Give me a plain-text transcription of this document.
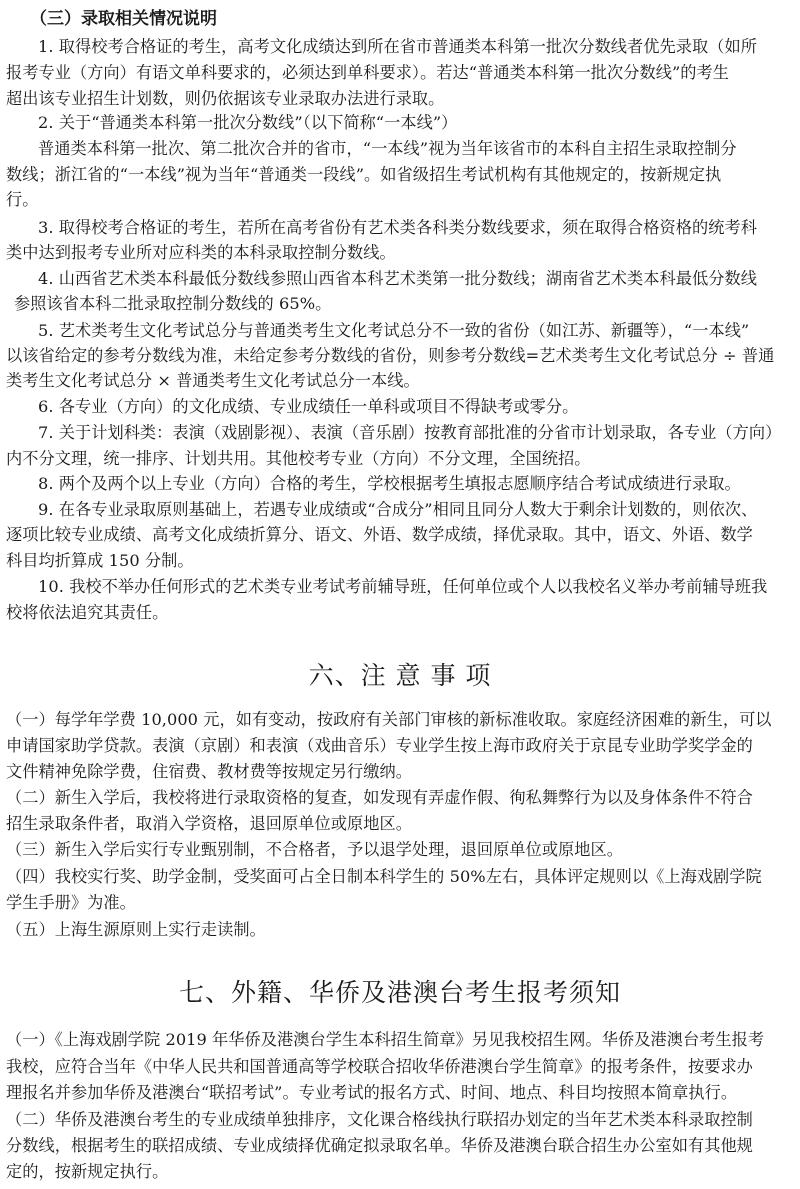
（三）录取相关情况说明
1. 取得校考合格证的考生，高考文化成绩达到所在省市普通类本科第一批次分数线者优先录取（如所
报考专业（方向）有语文单科要求的，必须达到单科要求）。若达“普通类本科第一批次分数线”的考生
超出该专业招生计划数，则仍依据该专业录取办法进行录取。
2. 关于“普通类本科第一批次分数线”（以下简称“一本线”）
普通类本科第一批次、第二批次合并的省市，“一本线”视为当年该省市的本科自主招生录取控制分
数线；浙江省的“一本线”视为当年“普通类一段线”。如省级招生考试机构有其他规定的，按新规定执
行。
3. 取得校考合格证的考生，若所在高考省份有艺术类各科类分数线要求，须在取得合格资格的统考科
类中达到报考专业所对应科类的本科录取控制分数线。
4. 山西省艺术类本科最低分数线参照山西省本科艺术类第一批分数线；湖南省艺术类本科最低分数线
参照该省本科二批录取控制分数线的 65%。
5. 艺术类考生文化考试总分与普通类考生文化考试总分不一致的省份（如江苏、新疆等），“一本线”
以该省给定的参考分数线为准，未给定参考分数线的省份，则参考分数线=艺术类考生文化考试总分 ÷ 普通
类考生文化考试总分 × 普通类考生文化考试总分一本线。
6. 各专业（方向）的文化成绩、专业成绩任一单科或项目不得缺考或零分。
7. 关于计划科类：表演（戏剧影视）、表演（音乐剧）按教育部批准的分省市计划录取，各专业（方向）
内不分文理，统一排序、计划共用。其他校考专业（方向）不分文理，全国统招。
8. 两个及两个以上专业（方向）合格的考生，学校根据考生填报志愿顺序结合考试成绩进行录取。
9. 在各专业录取原则基础上，若遇专业成绩或“合成分”相同且同分人数大于剩余计划数的，则依次、
逐项比较专业成绩、高考文化成绩折算分、语文、外语、数学成绩，择优录取。其中，语文、外语、数学
科目均折算成 150 分制。
10. 我校不举办任何形式的艺术类专业考试考前辅导班，任何单位或个人以我校名义举办考前辅导班我
校将依法追究其责任。
六、注 意 事 项
（一）每学年学费 10,000 元，如有变动，按政府有关部门审核的新标准收取。家庭经济困难的新生，可以
申请国家助学贷款。表演（京剧）和表演（戏曲音乐）专业学生按上海市政府关于京昆专业助学奖学金的
文件精神免除学费，住宿费、教材费等按规定另行缴纳。
（二）新生入学后，我校将进行录取资格的复查，如发现有弄虚作假、徇私舞弊行为以及身体条件不符合
招生录取条件者，取消入学资格，退回原单位或原地区。
（三）新生入学后实行专业甄别制，不合格者，予以退学处理，退回原单位或原地区。
（四）我校实行奖、助学金制，受奖面可占全日制本科学生的 50%左右，具体评定规则以《上海戏剧学院
学生手册》为准。
（五）上海生源原则上实行走读制。
七、外籍、华侨及港澳台考生报考须知
（一）《上海戏剧学院 2019 年华侨及港澳台学生本科招生简章》另见我校招生网。华侨及港澳台考生报考
我校，应符合当年《中华人民共和国普通高等学校联合招收华侨港澳台学生简章》的报考条件，按要求办
理报名并参加华侨及港澳台“联招考试”。专业考试的报名方式、时间、地点、科目均按照本简章执行。
（二）华侨及港澳台考生的专业成绩单独排序，文化课合格线执行联招办划定的当年艺术类本科录取控制
分数线，根据考生的联招成绩、专业成绩择优确定拟录取名单。华侨及港澳台联合招生办公室如有其他规
定的，按新规定执行。
